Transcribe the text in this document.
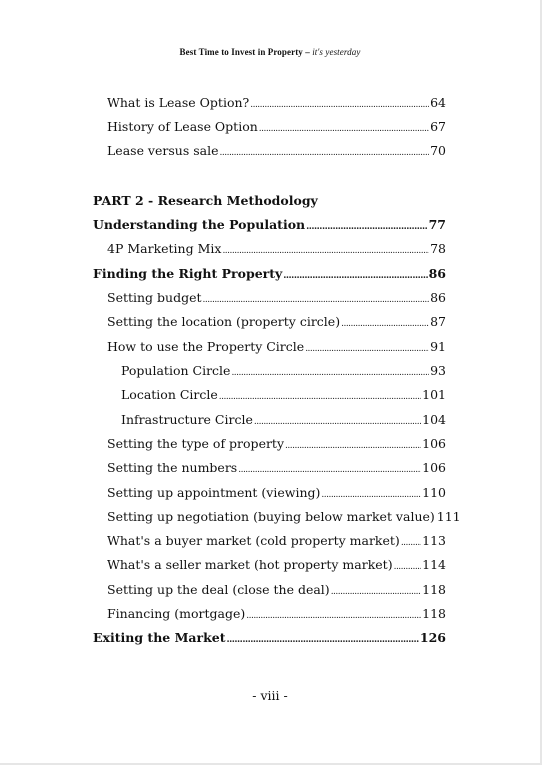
Best Time to Invest in Property – it's yesterday
What is Lease Option? .....	64
History of Lease Option .....	67
Lease versus sale .....	70
PART 2 - Research Methodology
Understanding the Population .....	77
4P Marketing Mix .....	78
Finding the Right Property .....	86
Setting budget .....	86
Setting the location (property circle) .....	87
How to use the Property Circle .....	91
Population Circle .....	93
Location Circle .....	101
Infrastructure Circle .....	104
Setting the type of property .....	106
Setting the numbers .....	106
Setting up appointment (viewing) .....	110
Setting up negotiation (buying below market value) 111
What's a buyer market (cold property market) ..... 113
What's a seller market (hot property market) ..... 114
Setting up the deal (close the deal) .....	118
Financing (mortgage) .....	118
Exiting the Market .....	126
- viii -
